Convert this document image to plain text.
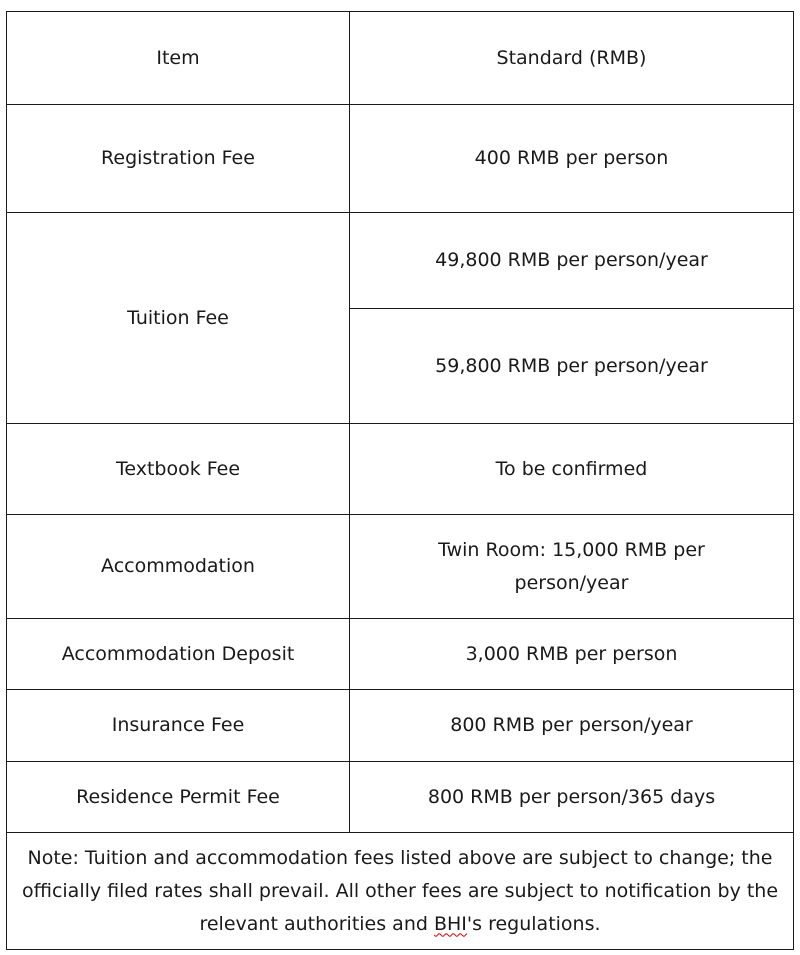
Item	Standard (RMB)
Registration Fee	400 RMB per person
Tuition Fee	49,800 RMB per person/year
	59,800 RMB per person/year
Textbook Fee	To be confirmed
Accommodation	Twin Room: 15,000 RMB per person/year
Accommodation Deposit	3,000 RMB per person
Insurance Fee	800 RMB per person/year
Residence Permit Fee	800 RMB per person/365 days
Note: Tuition and accommodation fees listed above are subject to change; the officially filed rates shall prevail. All other fees are subject to notification by the relevant authorities and BHI's regulations.	
